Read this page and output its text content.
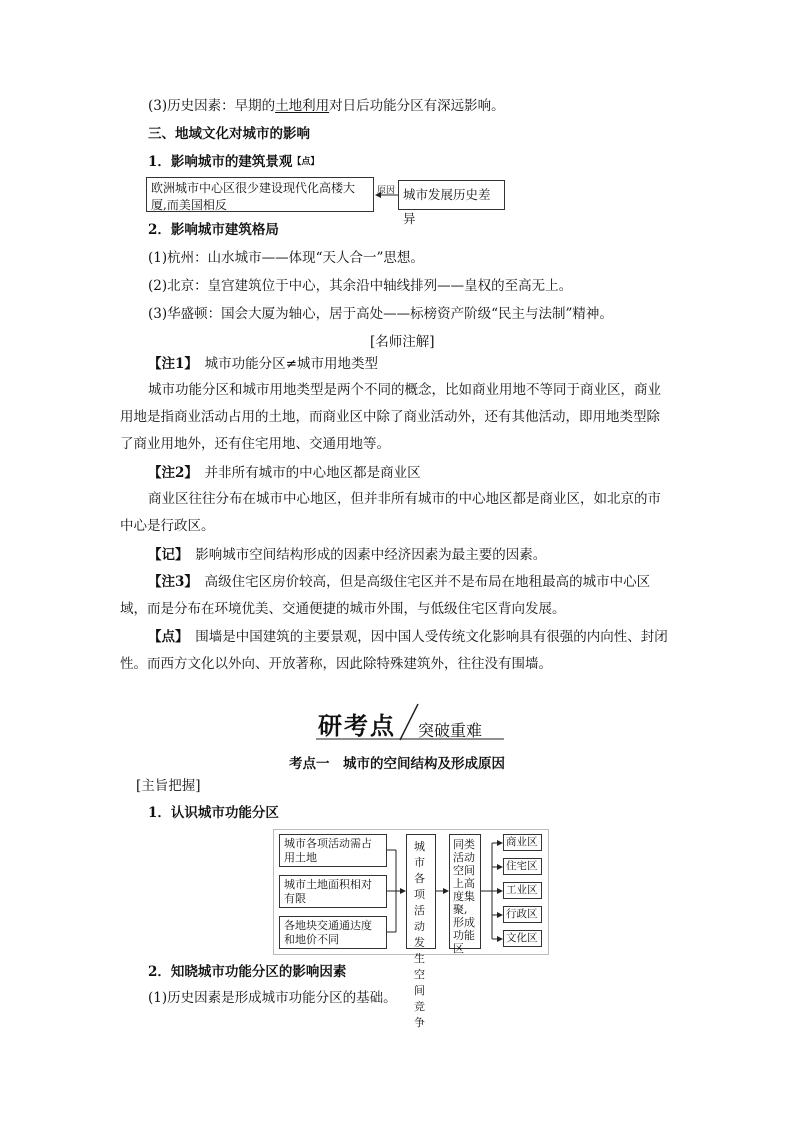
(3)历史因素：早期的土地利用对日后功能分区有深远影响。
三、地域文化对城市的影响
1．影响城市的建筑景观$^{【点】}$
欧洲城市中心区很少建设现代化高楼大厦,而美国相反
原因 城市发展历史差异
2．影响城市建筑格局
(1)杭州：山水城市——体现“天人合一”思想。
(2)北京：皇宫建筑位于中心，其余沿中轴线排列——皇权的至高无上。
(3)华盛顿：国会大厦为轴心，居于高处——标榜资产阶级“民主与法制”精神。
[名师注解]
【注1】　 城市功能分区≠城市用地类型
城市功能分区和城市用地类型是两个不同的概念，比如商业用地不等同于商业区，商业用地是指商业活动占用的土地，而商业区中除了商业活动外，还有其他活动，即用地类型除了商业用地外，还有住宅用地、交通用地等。
【注2】　 并非所有城市的中心地区都是商业区
商业区往往分布在城市中心地区，但并非所有城市的中心地区都是商业区，如北京的市中心是行政区。
【记】　 影响城市空间结构形成的因素中经济因素为最主要的因素。
【注3】　 高级住宅区房价较高，但是高级住宅区并不是布局在地租最高的城市中心区域，而是分布在环境优美、交通便捷的城市外围，与低级住宅区背向发展。
【点】　 围墙是中国建筑的主要景观，因中国人受传统文化影响具有很强的内向性、封闭性。而西方文化以外向、开放著称，因此除特殊建筑外，往往没有围墙。
研考点 突破重难
考点一　城市的空间结构及形成原因
[主旨把握]
1．认识城市功能分区
城市各项活动需占用土地
城市土地面积相对有限
各地块交通通达度和地价不同
城市各项活动发生空间竞争
同类活动空间上高度集聚,形成功能区
商业区
住宅区
工业区
行政区
文化区
2．知晓城市功能分区的影响因素
(1)历史因素是形成城市功能分区的基础。
